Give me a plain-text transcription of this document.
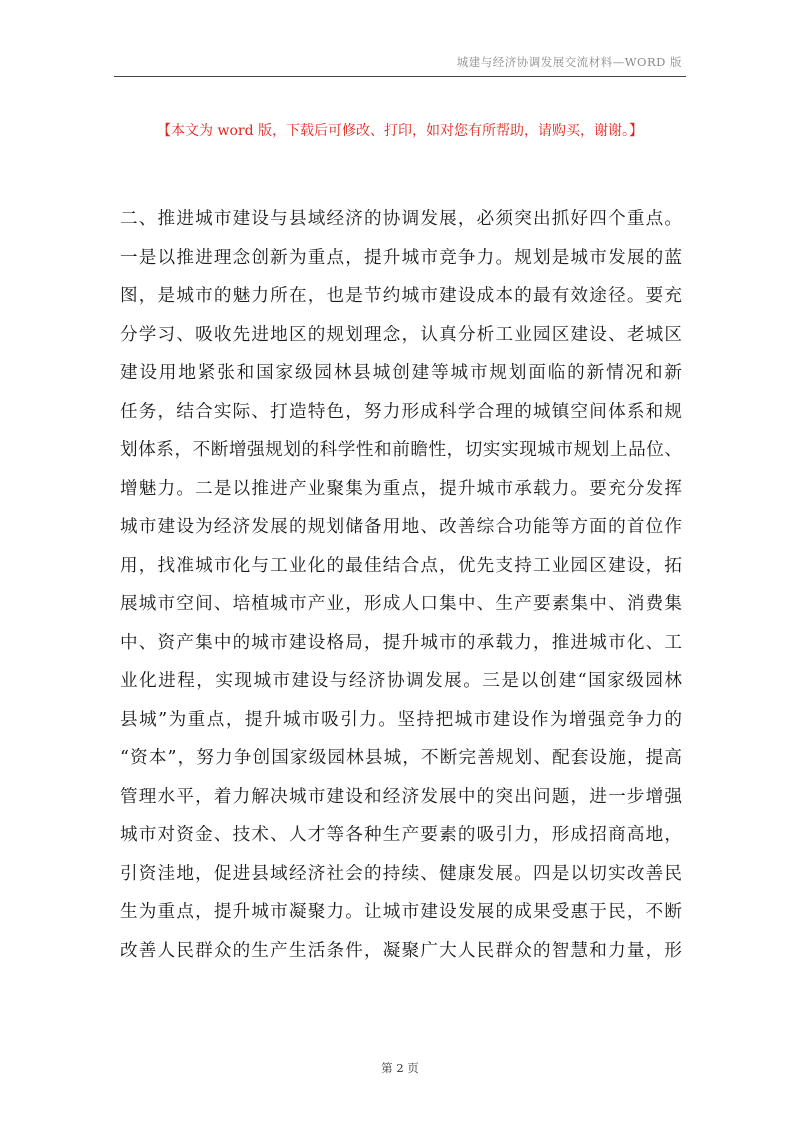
城建与经济协调发展交流材料—WORD 版
【本文为 word 版，下载后可修改、打印，如对您有所帮助，请购买，谢谢。】
二、推进城市建设与县域经济的协调发展，必须突出抓好四个重点。
一是以推进理念创新为重点，提升城市竞争力。规划是城市发展的蓝
图，是城市的魅力所在，也是节约城市建设成本的最有效途径。要充
分学习、吸收先进地区的规划理念，认真分析工业园区建设、老城区
建设用地紧张和国家级园林县城创建等城市规划面临的新情况和新
任务，结合实际、打造特色，努力形成科学合理的城镇空间体系和规
划体系，不断增强规划的科学性和前瞻性，切实实现城市规划上品位、
增魅力。二是以推进产业聚集为重点，提升城市承载力。要充分发挥
城市建设为经济发展的规划储备用地、改善综合功能等方面的首位作
用，找准城市化与工业化的最佳结合点，优先支持工业园区建设，拓
展城市空间、培植城市产业，形成人口集中、生产要素集中、消费集
中、资产集中的城市建设格局，提升城市的承载力，推进城市化、工
业化进程，实现城市建设与经济协调发展。三是以创建“国家级园林
县城”为重点，提升城市吸引力。坚持把城市建设作为增强竞争力的
“资本”，努力争创国家级园林县城，不断完善规划、配套设施，提高
管理水平，着力解决城市建设和经济发展中的突出问题，进一步增强
城市对资金、技术、人才等各种生产要素的吸引力，形成招商高地，
引资洼地，促进县域经济社会的持续、健康发展。四是以切实改善民
生为重点，提升城市凝聚力。让城市建设发展的成果受惠于民，不断
改善人民群众的生产生活条件，凝聚广大人民群众的智慧和力量，形
第 2 页
